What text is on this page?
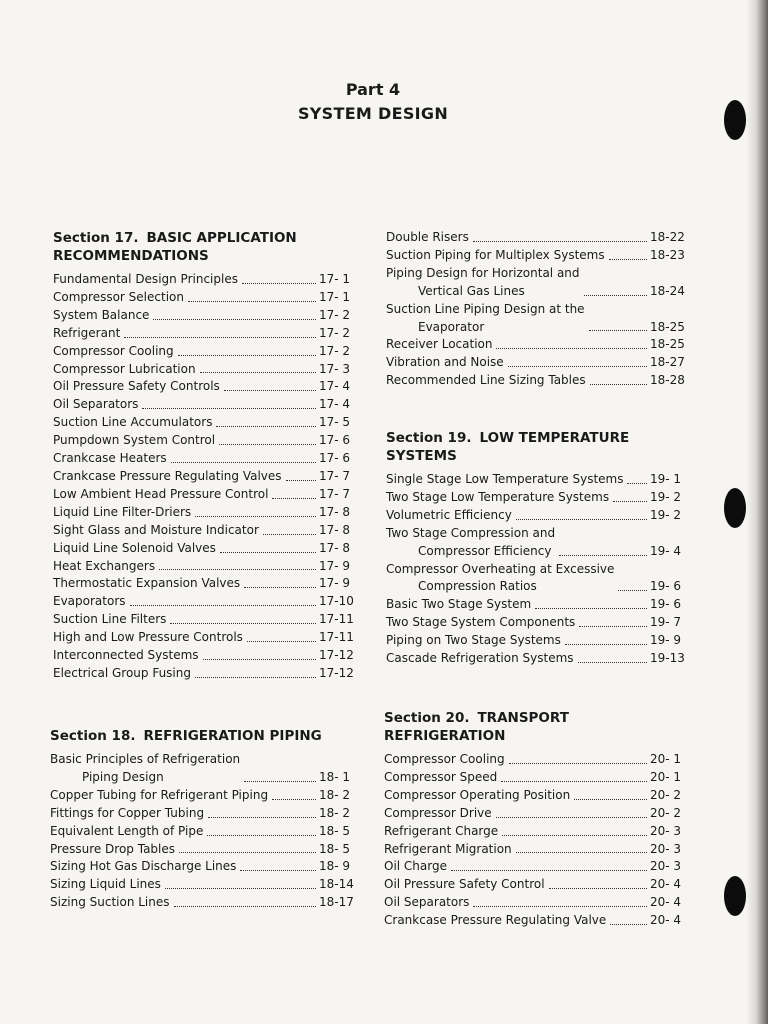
Part 4
SYSTEM DESIGN
Section 17. BASIC APPLICATION
RECOMMENDATIONS
Fundamental Design Principles	17- 1
Compressor Selection	17- 1
System Balance	17- 2
Refrigerant	17- 2
Compressor Cooling	17- 2
Compressor Lubrication	17- 3
Oil Pressure Safety Controls	17- 4
Oil Separators	17- 4
Suction Line Accumulators	17- 5
Pumpdown System Control	17- 6
Crankcase Heaters	17- 6
Crankcase Pressure Regulating Valves	17- 7
Low Ambient Head Pressure Control	17- 7
Liquid Line Filter-Driers	17- 8
Sight Glass and Moisture Indicator	17- 8
Liquid Line Solenoid Valves	17- 8
Heat Exchangers	17- 9
Thermostatic Expansion Valves	17- 9
Evaporators	17-10
Suction Line Filters	17-11
High and Low Pressure Controls	17-11
Interconnected Systems	17-12
Electrical Group Fusing	17-12
Section 18. REFRIGERATION PIPING
Basic Principles of Refrigeration
Piping Design	18- 1
Copper Tubing for Refrigerant Piping	18- 2
Fittings for Copper Tubing	18- 2
Equivalent Length of Pipe	18- 5
Pressure Drop Tables	18- 5
Sizing Hot Gas Discharge Lines	18- 9
Sizing Liquid Lines	18-14
Sizing Suction Lines	18-17
Double Risers	18-22
Suction Piping for Multiplex Systems	18-23
Piping Design for Horizontal and
Vertical Gas Lines	18-24
Suction Line Piping Design at the
Evaporator	18-25
Receiver Location	18-25
Vibration and Noise	18-27
Recommended Line Sizing Tables	18-28
Section 19. LOW TEMPERATURE
SYSTEMS
Single Stage Low Temperature Systems 19- 1
Two Stage Low Temperature Systems	19- 2
Volumetric Efficiency	19- 2
Two Stage Compression and
Compressor Efficiency	19- 4
Compressor Overheating at Excessive
Compression Ratios	19- 6
Basic Two Stage System	19- 6
Two Stage System Components	19- 7
Piping on Two Stage Systems	19- 9
Cascade Refrigeration Systems	19-13
Section 20. TRANSPORT REFRIGERATION
Compressor Cooling	20- 1
Compressor Speed	20- 1
Compressor Operating Position	20- 2
Compressor Drive	20- 2
Refrigerant Charge	20- 3
Refrigerant Migration	20- 3
Oil Charge	20- 3
Oil Pressure Safety Control	20- 4
Oil Separators	20- 4
Crankcase Pressure Regulating Valve	20- 4
